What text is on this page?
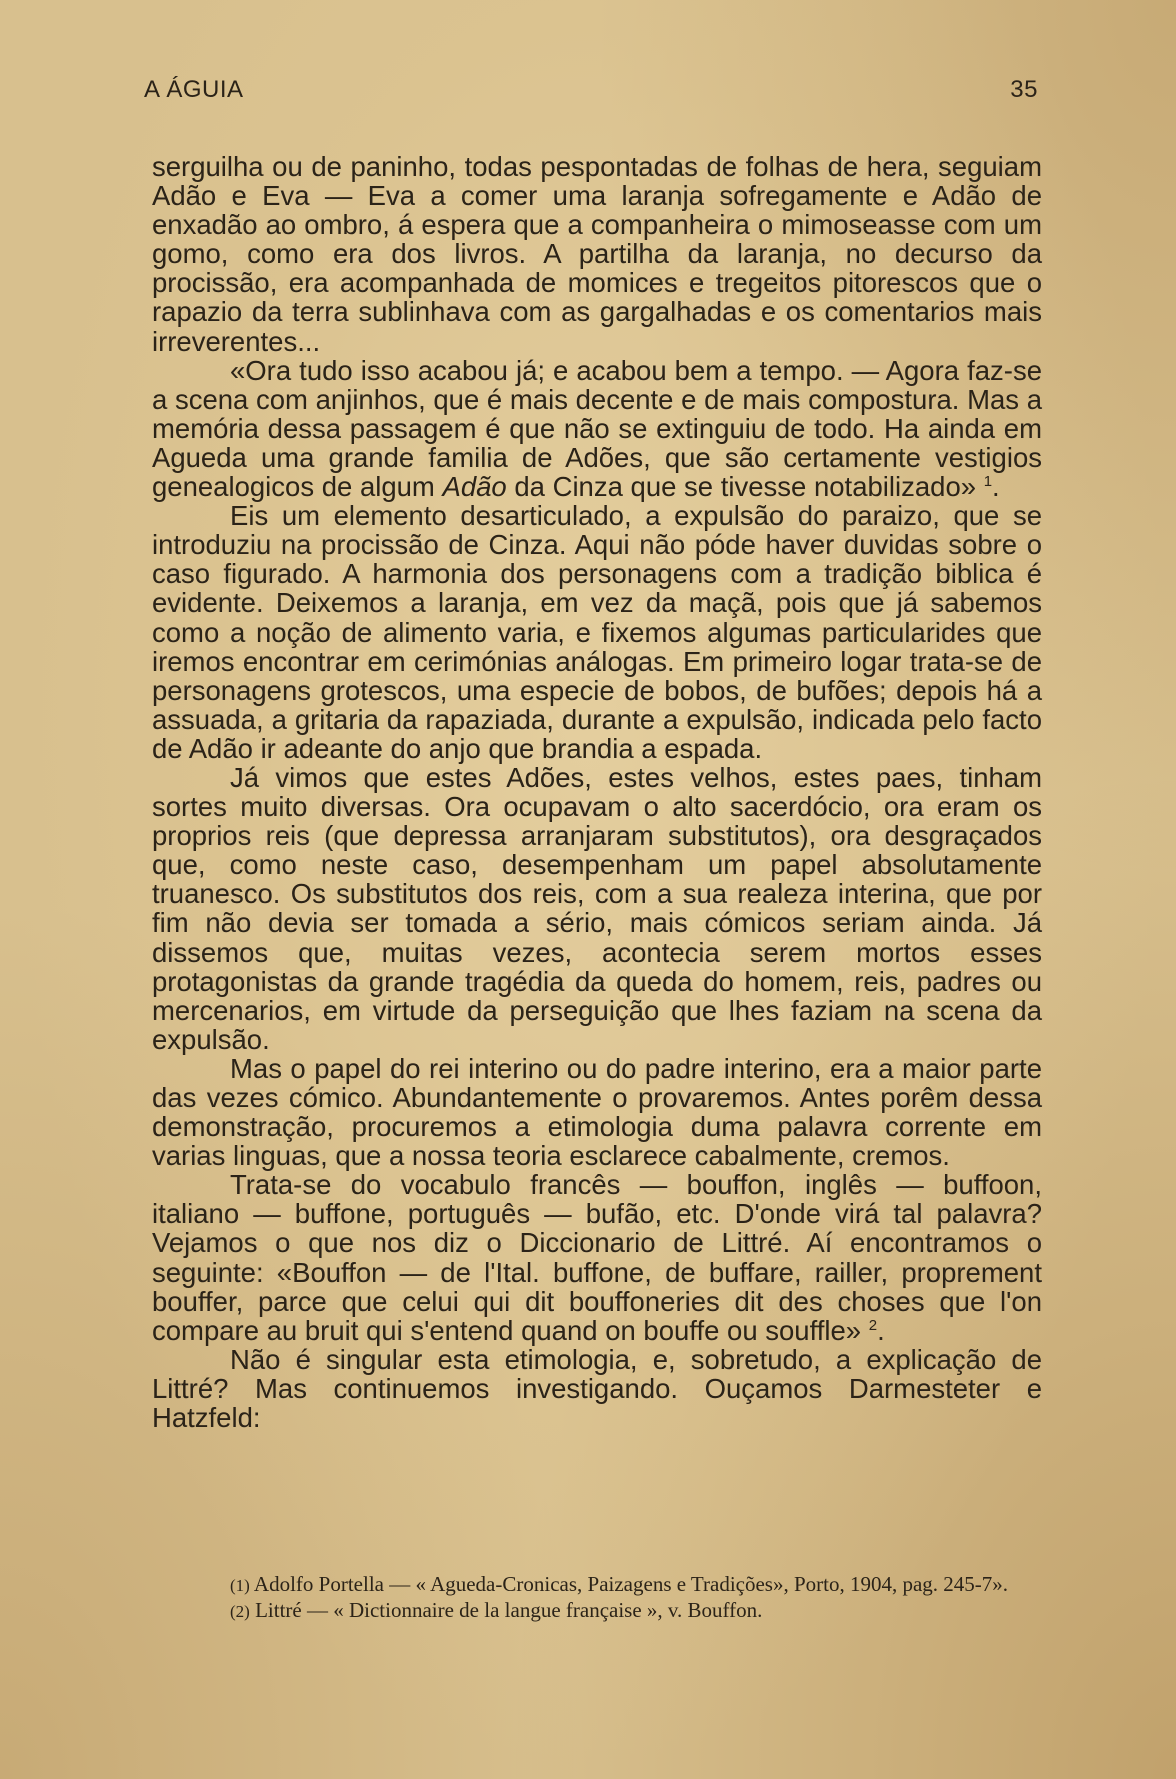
A ÁGUIA	35

serguilha ou de paninho, todas pespontadas de folhas de hera, seguiam Adão e Eva — Eva a comer uma laranja sofregamente e Adão de enxadão ao ombro, á espera que a companheira o mimoseasse com um gomo, como era dos livros. A partilha da laranja, no decurso da procissão, era acompanhada de momices e tregeitos pitorescos que o rapazio da terra sublinhava com as gargalhadas e os comentarios mais irreverentes...

«Ora tudo isso acabou já; e acabou bem a tempo. — Agora faz-se a scena com anjinhos, que é mais decente e de mais compostura. Mas a memória dessa passagem é que não se extinguiu de todo. Ha ainda em Agueda uma grande familia de Adões, que são certamente vestigios genealogicos de algum Adão da Cinza que se tivesse notabilizado» $^1$.

Eis um elemento desarticulado, a expulsão do paraizo, que se introduziu na procissão de Cinza. Aqui não póde haver duvidas sobre o caso figurado. A harmonia dos personagens com a tradição biblica é evidente. Deixemos a laranja, em vez da maçã, pois que já sabemos como a noção de alimento varia, e fixemos algumas particularides que iremos encontrar em cerimónias análogas. Em primeiro logar trata-se de personagens grotescos, uma especie de bobos, de bufões; depois há a assuada, a gritaria da rapaziada, durante a expulsão, indicada pelo facto de Adão ir adeante do anjo que brandia a espada.

Já vimos que estes Adões, estes velhos, estes paes, tinham sortes muito diversas. Ora ocupavam o alto sacerdócio, ora eram os proprios reis (que depressa arranjaram substitutos), ora desgraçados que, como neste caso, desempenham um papel absolutamente truanesco. Os substitutos dos reis, com a sua realeza interina, que por fim não devia ser tomada a sério, mais cómicos seriam ainda. Já dissemos que, muitas vezes, acontecia serem mortos esses protagonistas da grande tragédia da queda do homem, reis, padres ou mercenarios, em virtude da perseguição que lhes faziam na scena da expulsão.

Mas o papel do rei interino ou do padre interino, era a maior parte das vezes cómico. Abundantemente o provaremos. Antes porêm dessa demonstração, procuremos a etimologia duma palavra corrente em varias linguas, que a nossa teoria esclarece cabalmente, cremos.

Trata-se do vocabulo francês — bouffon, inglês — buffoon, italiano — buffone, português — bufão, etc. D'onde virá tal palavra? Vejamos o que nos diz o Diccionario de Littré. Aí encontramos o seguinte: «Bouffon — de l'Ital. buffone, de buffare, railler, proprement bouffer, parce que celui qui dit bouffoneries dit des choses que l'on compare au bruit qui s'entend quand on bouffe ou souffle» $^2$.

Não é singular esta etimologia, e, sobretudo, a explicação de Littré? Mas continuemos investigando. Ouçamos Darmesteter e Hatzfeld:

(1) Adolfo Portella — « Agueda-Cronicas, Paizagens e Tradições», Porto, 1904, pag. 245-7».

(2) Littré — « Dictionnaire de la langue française », v. Bouffon.
